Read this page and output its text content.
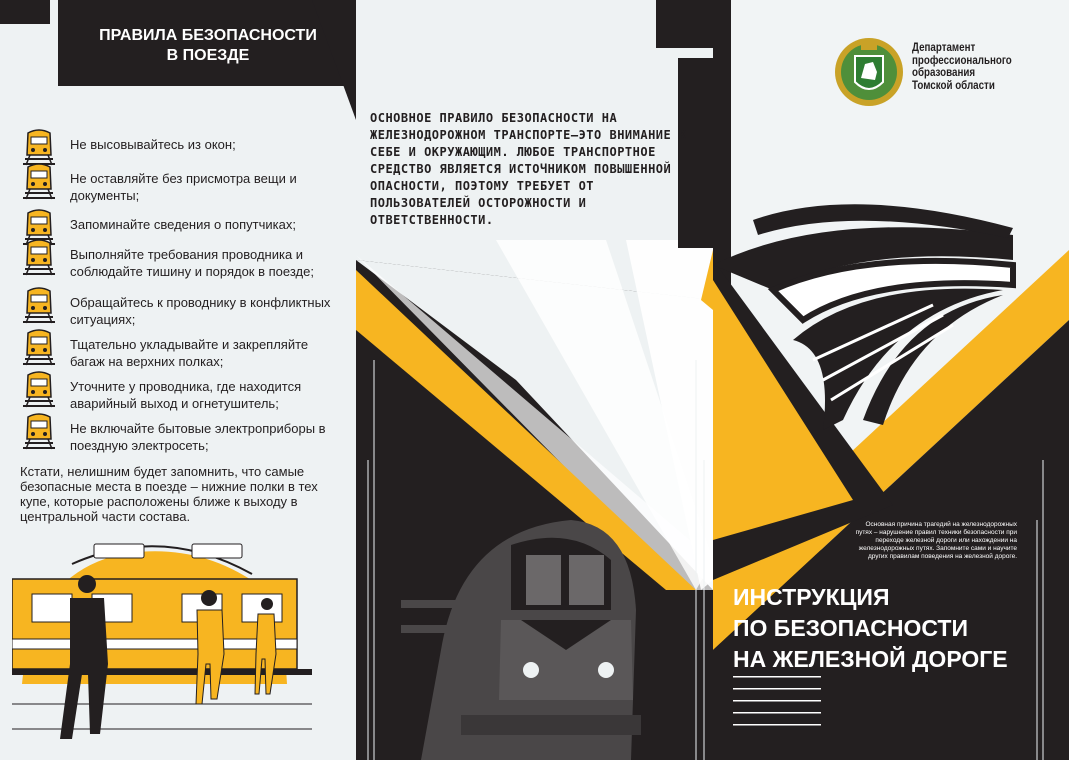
ПРАВИЛА БЕЗОПАСНОСТИ
В ПОЕЗДЕ
Не высовывайтесь из окон;
Не оставляйте без присмотра вещи и документы;
Запоминайте сведения о попутчиках;
Выполняйте требования проводника и соблюдайте тишину и порядок в поезде;
Обращайтесь к проводнику в конфликтных ситуациях;
Тщательно укладывайте и закрепляйте багаж на верхних полках;
Уточните у проводника, где находится аварийный выход и огнетушитель;
Не включайте бытовые электроприборы в поездную электросеть;
Кстати, нелишним будет запомнить, что самые безопасные места в поезде – нижние полки в тех купе, которые расположены ближе к выходу в центральной части состава.
ОСНОВНОЕ ПРАВИЛО БЕЗОПАСНОСТИ НА ЖЕЛЕЗНОДОРОЖНОМ ТРАНСПОРТЕ—ЭТО ВНИМАНИЕ К СЕБЕ И ОКРУЖАЮЩИМ. ЛЮБОЕ ТРАНСПОРТНОЕ СРЕДСТВО ЯВЛЯЕТСЯ ИСТОЧНИКОМ ПОВЫШЕННОЙ ОПАСНОСТИ, ПОЭТОМУ ТРЕБУЕТ ОТ ПОЛЬЗОВАТЕЛЕЙ ОСТОРОЖНОСТИ И ОТВЕТСТВЕННОСТИ.
Департамент
профессионального
образования
Томской области
Основная причина трагедий на железнодорожных путях – нарушение правил техники безопасности при переходе железной дороги или нахождении на железнодорожных путях. Запомните сами и научите других правилам поведения на железной дороге.
ИНСТРУКЦИЯ
ПО БЕЗОПАСНОСТИ
НА ЖЕЛЕЗНОЙ ДОРОГЕ
